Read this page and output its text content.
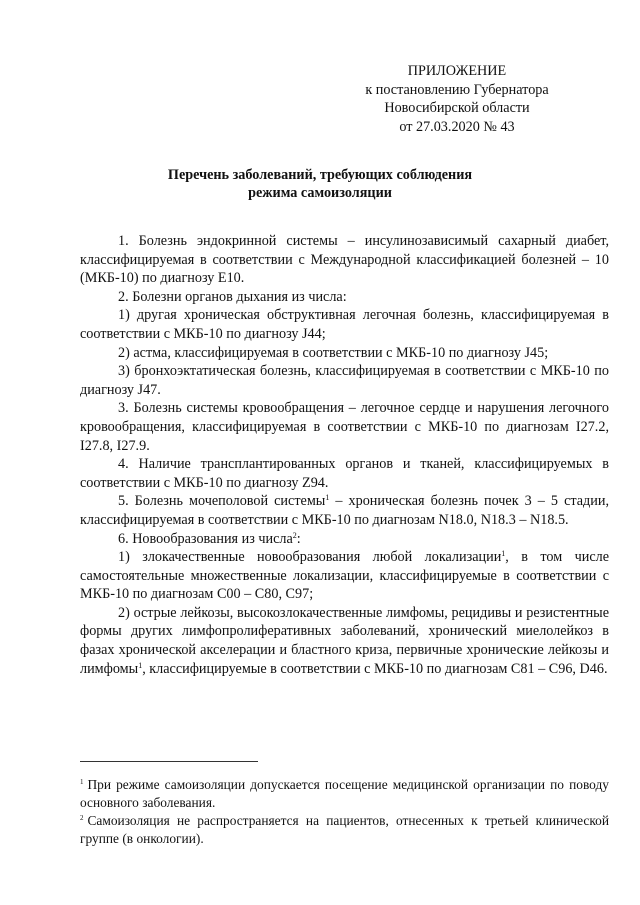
ПРИЛОЖЕНИЕ
к постановлению Губернатора
Новосибирской области
от 27.03.2020 № 43
Перечень заболеваний, требующих соблюдения
режима самоизоляции

1. Болезнь эндокринной системы – инсулинозависимый сахарный диабет, классифицируемая в соответствии с Международной классификацией болезней – 10 (МКБ-10) по диагнозу E10.

2. Болезни органов дыхания из числа:

1) другая хроническая обструктивная легочная болезнь, классифицируемая в соответствии с МКБ-10 по диагнозу J44;

2) астма, классифицируемая в соответствии с МКБ-10 по диагнозу J45;

3) бронхоэктатическая болезнь, классифицируемая в соответствии с МКБ-10 по диагнозу J47.

3. Болезнь системы кровообращения – легочное сердце и нарушения легочного кровообращения, классифицируемая в соответствии с МКБ-10 по диагнозам I27.2, I27.8, I27.9.

4. Наличие трансплантированных органов и тканей, классифицируемых в соответствии с МКБ-10 по диагнозу Z94.

5. Болезнь мочеполовой системы$^1$ – хроническая болезнь почек 3 – 5 стадии, классифицируемая в соответствии с МКБ-10 по диагнозам N18.0, N18.3 – N18.5.

6. Новообразования из числа$^2$:

1) злокачественные новообразования любой локализации$^1$, в том числе самостоятельные множественные локализации, классифицируемые в соответствии с МКБ-10 по диагнозам C00 – C80, C97;

2) острые лейкозы, высокозлокачественные лимфомы, рецидивы и резистентные формы других лимфопролиферативных заболеваний, хронический миелолейкоз в фазах хронической акселерации и бластного криза, первичные хронические лейкозы и лимфомы$^1$, классифицируемые в соответствии с МКБ-10 по диагнозам C81 – C96, D46.

$^1$ При режиме самоизоляции допускается посещение медицинской организации по поводу основного заболевания.

$^2$ Самоизоляция не распространяется на пациентов, отнесенных к третьей клинической группе (в онкологии).
